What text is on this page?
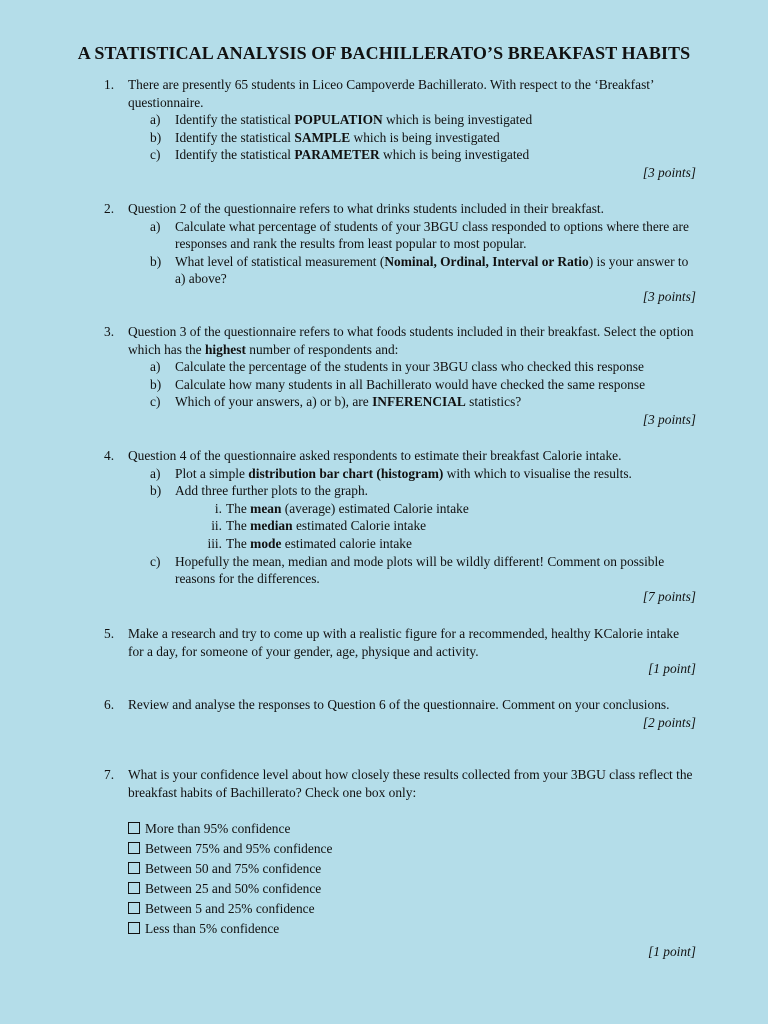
A STATISTICAL ANALYSIS OF BACHILLERATO’S BREAKFAST HABITS
1.	There are presently 65 students in Liceo Campoverde Bachillerato. With respect to the ‘Breakfast’ questionnaire.
a)	Identify the statistical POPULATION which is being investigated
b)	Identify the statistical SAMPLE which is being investigated
c)	Identify the statistical PARAMETER which is being investigated
[3 points]
2.	Question 2 of the questionnaire refers to what drinks students included in their breakfast.
a)	Calculate what percentage of students of your 3BGU class responded to options where there are responses and rank the results from least popular to most popular.
b)	What level of statistical measurement (Nominal, Ordinal, Interval or Ratio) is your answer to a) above?
[3 points]
3.	Question 3 of the questionnaire refers to what foods students included in their breakfast. Select the option which has the highest number of respondents and:
a)	Calculate the percentage of the students in your 3BGU class who checked this response
b)	Calculate how many students in all Bachillerato would have checked the same response
c)	Which of your answers, a) or b), are INFERENCIAL statistics?
[3 points]
4.	Question 4 of the questionnaire asked respondents to estimate their breakfast Calorie intake.
a)	Plot a simple distribution bar chart (histogram) with which to visualise the results.
b)	Add three further plots to the graph.
i. The mean (average) estimated Calorie intake
ii. The median estimated Calorie intake
iii. The mode estimated calorie intake
c)	Hopefully the mean, median and mode plots will be wildly different! Comment on possible reasons for the differences.
[7 points]
5.	Make a research and try to come up with a realistic figure for a recommended, healthy KCalorie intake for a day, for someone of your gender, age, physique and activity.
[1 point]
6.	Review and analyse the responses to Question 6 of the questionnaire. Comment on your conclusions.
[2 points]
7.	What is your confidence level about how closely these results collected from your 3BGU class reflect the breakfast habits of Bachillerato? Check one box only:
More than 95% confidence
Between 75% and 95% confidence
Between 50 and 75% confidence
Between 25 and 50% confidence
Between 5 and 25% confidence
Less than 5% confidence
[1 point]
